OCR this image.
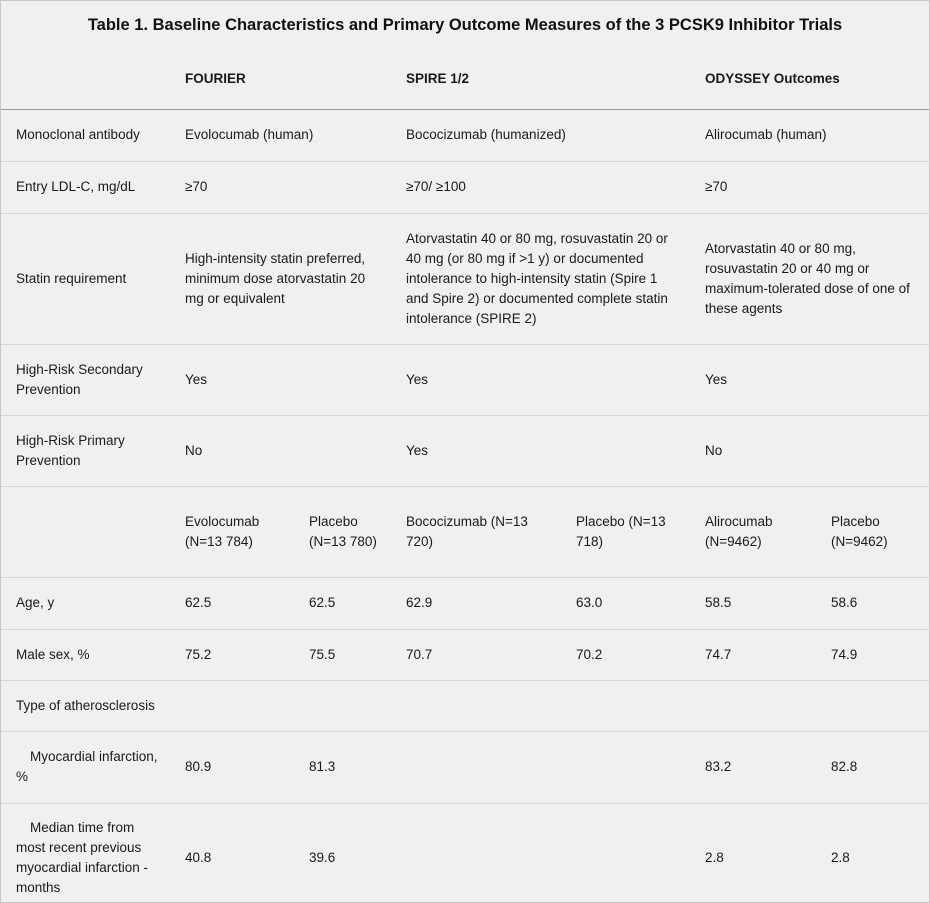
Table 1. Baseline Characteristics and Primary Outcome Measures of the 3 PCSK9 Inhibitor Trials
	FOURIER		SPIRE 1/2		ODYSSEY Outcomes	
Monoclonal antibody	Evolocumab (human)		Bococizumab (humanized)		Alirocumab (human)	
Entry LDL-C, mg/dL	≥70		≥70/ ≥100		≥70	
Statin requirement	High-intensity statin preferred, minimum dose atorvastatin 20 mg or equivalent		Atorvastatin 40 or 80 mg, rosuvastatin 20 or 40 mg (or 80 mg if >1 y) or documented intolerance to high-intensity statin (Spire 1 and Spire 2) or documented complete statin intolerance (SPIRE 2)		Atorvastatin 40 or 80 mg, rosuvastatin 20 or 40 mg or maximum-tolerated dose of one of these agents	
High-Risk Secondary Prevention	Yes		Yes		Yes	
High-Risk Primary Prevention	No		Yes		No	
	Evolocumab (N=13 784)	Placebo (N=13 780)	Bococizumab (N=13 720)	Placebo (N=13 718)	Alirocumab (N=9462)	Placebo (N=9462)
Age, y	62.5	62.5	62.9	63.0	58.5	58.6
Male sex, %	75.2	75.5	70.7	70.2	74.7	74.9
Type of atherosclerosis						
Myocardial infarction, %	80.9	81.3			83.2	82.8
Median time from most recent previous myocardial infarction -months	40.8	39.6			2.8	2.8
